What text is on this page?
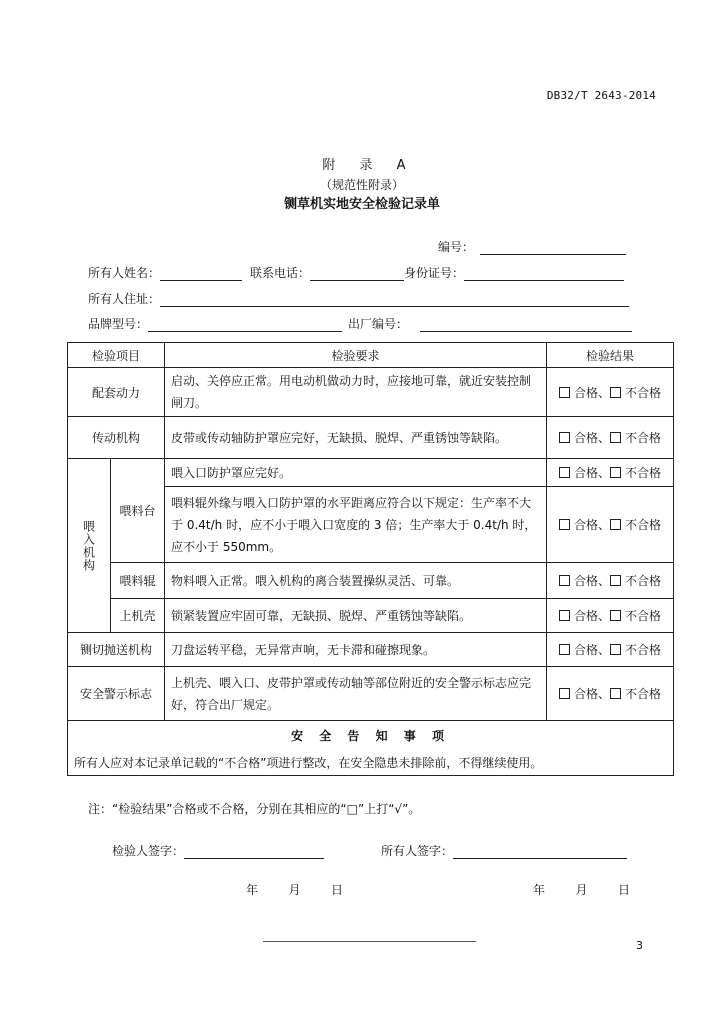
DB32/T 2643-2014
附 录 A
（规范性附录）
铡草机实地安全检验记录单
编号：
所有人姓名：	联系电话：	身份证号：
所有人住址：
品牌型号：	出厂编号：
检验项目		检验要求	检验结果
配套动力		启动、关停应正常。用电动机做动力时，应接地可靠，就近安装控制闸刀。	合格、 不合格
传动机构		皮带或传动轴防护罩应完好，无缺损、脱焊、严重锈蚀等缺陷。	合格、 不合格

喂入机构	喂料台	喂入口防护罩应完好。	合格、 不合格
		喂料辊外缘与喂入口防护罩的水平距离应符合以下规定：生产率不大于 0.4t/h 时，应不小于喂入口宽度的 3 倍；生产率大于 0.4t/h 时，应不小于 550mm。	合格、 不合格
	喂料辊	物料喂入正常。喂入机构的离合装置操纵灵活、可靠。	合格、 不合格
	上机壳	锁紧装置应牢固可靠，无缺损、脱焊、严重锈蚀等缺陷。	合格、 不合格

铡切抛送机构		刀盘运转平稳，无异常声响，无卡滞和碰擦现象。	合格、 不合格
安全警示标志		上机壳、喂入口、皮带护罩或传动轴等部位附近的安全警示标志应完好，符合出厂规定。	合格、 不合格
安 全 告 知 事 项			
所有人应对本记录单记载的“不合格”项进行整改，在安全隐患未排除前，不得继续使用。			
注：“检验结果”合格或不合格，分别在其相应的“□”上打“√”。
检验人签字：	所有人签字：
年        月        日	年        月        日
3
